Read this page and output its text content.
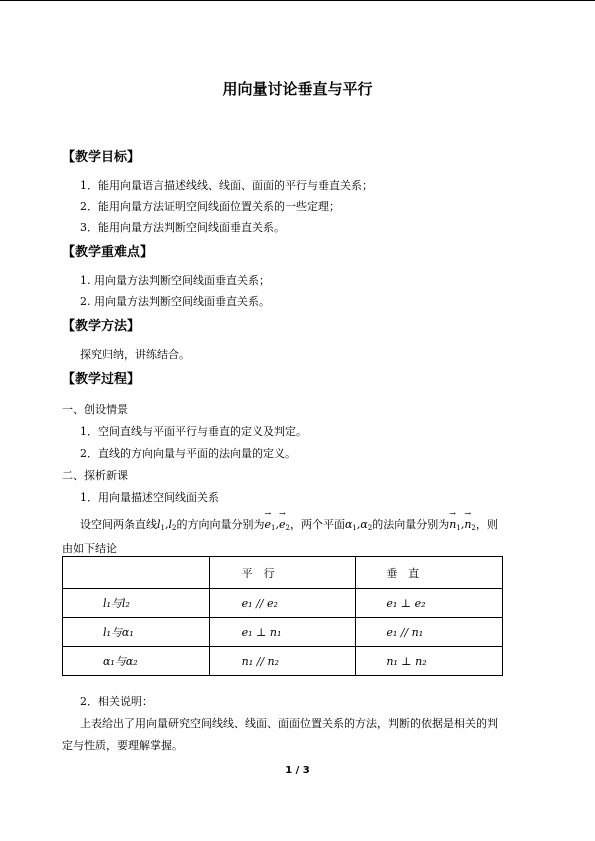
用向量讨论垂直与平行
【教学目标】
1．能用向量语言描述线线、线面、面面的平行与垂直关系；
2．能用向量方法证明空间线面位置关系的一些定理；
3．能用向量方法判断空间线面垂直关系。
【教学重难点】
1. 用向量方法判断空间线面垂直关系；
2. 用向量方法判断空间线面垂直关系。
【教学方法】
探究归纳，讲练结合。
【教学过程】
一、创设情景
1．空间直线与平面平行与垂直的定义及判定。
2．直线的方向向量与平面的法向量的定义。
二、探析新课
1．用向量描述空间线面关系
设空间两条直线$l_1,l_2$的方向向量分别为→ $e_1,\to e_2$，两个平面$\alpha_1,\alpha_2$的法向量分别为→ $n_1,\to n_2$，则
由如下结论
	平　行	垂　直
l₁与l₂	e₁ // e₂	e₁ ⊥ e₂
l₁与α₁	e₁ ⊥ n₁	e₁ // n₁
α₁与α₂	n₁ // n₂	n₁ ⊥ n₂
2．相关说明：
上表给出了用向量研究空间线线、线面、面面位置关系的方法，判断的依据是相关的判
定与性质，要理解掌握。
1 / 3
